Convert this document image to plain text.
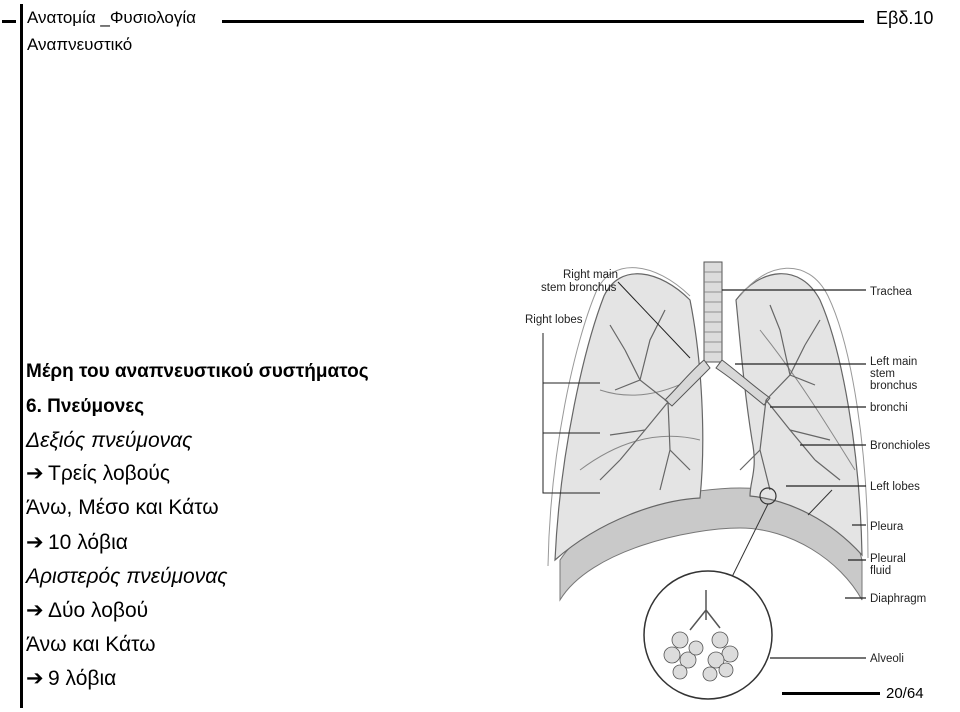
Ανατομία _Φυσιολογία
Αναπνευστικό
Εβδ.10
Μέρη του αναπνευστικού συστήματος
6. Πνεύμονες
Δεξιός πνεύμονας
➔ Τρείς λοβούς
Άνω, Μέσο και Κάτω
➔ 10 λόβια
Αριστερός πνεύμονας
➔ Δύο λοβού
Άνω και Κάτω
➔ 9 λόβια
Right main
stem bronchus
Right lobes
Trachea
Left main
stem
bronchus
bronchi
Bronchioles
Left lobes
Pleura
Pleural
fluid
Diaphragm
Alveoli
20/64
